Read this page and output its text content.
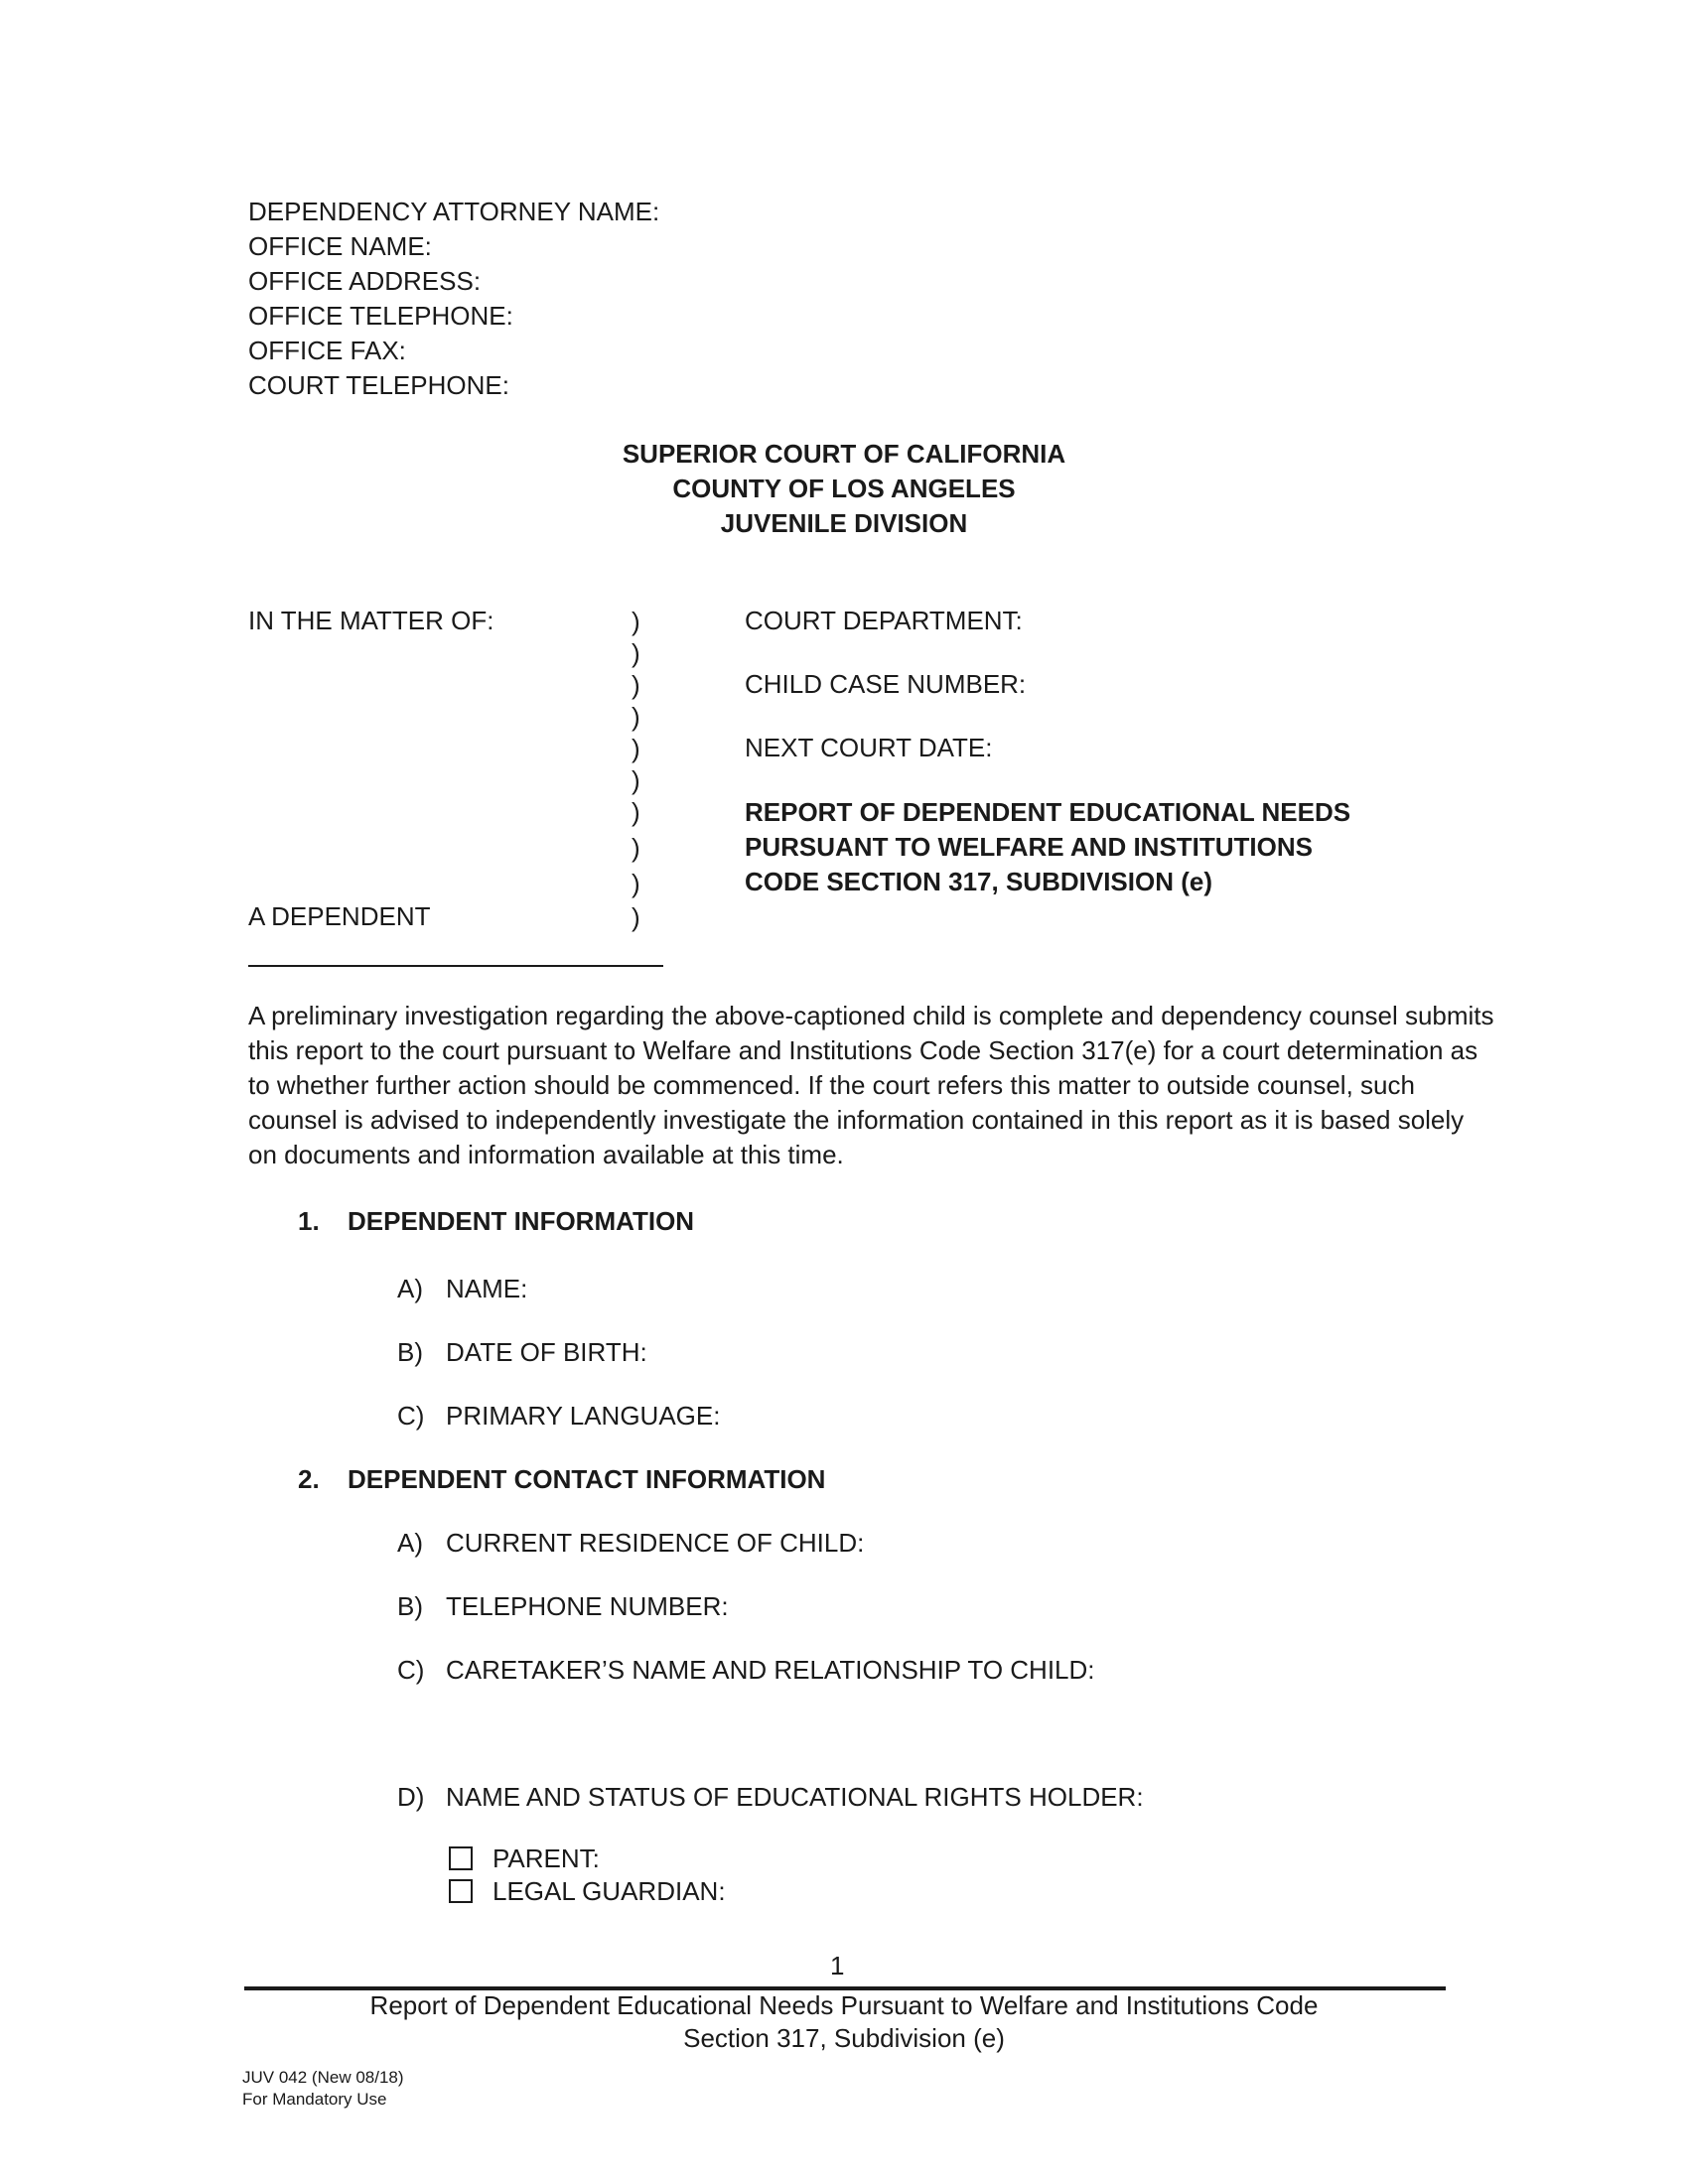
DEPENDENCY ATTORNEY NAME:
OFFICE NAME:
OFFICE ADDRESS:
OFFICE TELEPHONE:
OFFICE FAX:
COURT TELEPHONE:
SUPERIOR COURT OF CALIFORNIA
COUNTY OF LOS ANGELES
JUVENILE DIVISION
IN THE MATTER OF:
A DEPENDENT
)
)
)
)
)
)
)
)
)
)
COURT DEPARTMENT:
CHILD CASE NUMBER:
NEXT COURT DATE:
REPORT OF DEPENDENT EDUCATIONAL NEEDS
PURSUANT TO WELFARE AND INSTITUTIONS
CODE SECTION 317, SUBDIVISION (e)
A preliminary investigation regarding the above-captioned child is complete and dependency counsel submits this report to the court pursuant to Welfare and Institutions Code Section 317(e) for a court determination as to whether further action should be commenced. If the court refers this matter to outside counsel, such counsel is advised to independently investigate the information contained in this report as it is based solely on documents and information available at this time.
1. DEPENDENT INFORMATION
A) NAME:
B) DATE OF BIRTH:
C) PRIMARY LANGUAGE:
2. DEPENDENT CONTACT INFORMATION
A) CURRENT RESIDENCE OF CHILD:
B) TELEPHONE NUMBER:
C) CARETAKER’S NAME AND RELATIONSHIP TO CHILD:
D) NAME AND STATUS OF EDUCATIONAL RIGHTS HOLDER:
PARENT:
LEGAL GUARDIAN:
1
Report of Dependent Educational Needs Pursuant to Welfare and Institutions Code
Section 317, Subdivision (e)
JUV 042 (New 08/18)
For Mandatory Use
